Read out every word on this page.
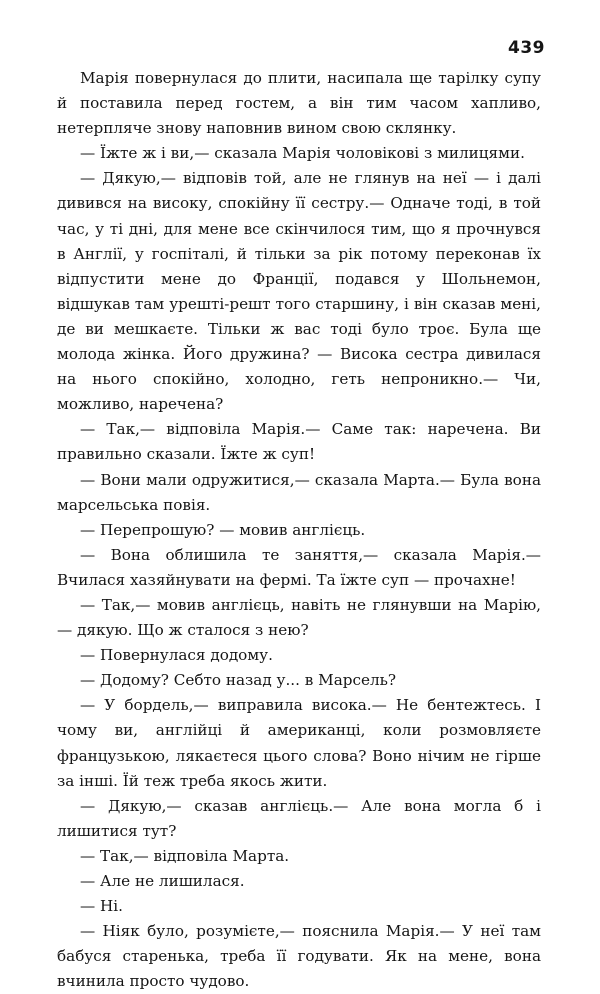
439

Марія повернулася до плити, насипала ще тарілку супу й поставила перед гостем, а він тим часом хапливо, нетерпляче знову наповнив вином свою склянку.

— Їжте ж і ви,— сказала Марія чоловікові з милицями.

— Дякую,— відповів той, але не глянув на неї — і далі дивився на високу, спокійну її сестру.— Одначе тоді, в той час, у ті дні, для мене все скінчилося тим, що я прочнувся в Англії, у госпіталі, й тільки за рік потому переконав їх відпустити мене до Франції, подався у Шольнемон, відшукав там урешті-решт того старшину, і він сказав мені, де ви мешкаєте. Тільки ж вас тоді було троє. Була ще молода жінка. Його дружина? — Висока сестра дивилася на нього спокійно, холодно, геть непроникно.— Чи, можливо, наречена?

— Так,— відповіла Марія.— Саме так: наречена. Ви правильно сказали. Їжте ж суп!

— Вони мали одружитися,— сказала Марта.— Була вона марсельська повія.

— Перепрошую? — мовив англієць.

— Вона облишила те заняття,— сказала Марія.— Вчилася хазяйнувати на фермі. Та їжте суп — прочахне!

— Так,— мовив англієць, навіть не глянувши на Марію,— дякую. Що ж сталося з нею?

— Повернулася додому.

— Додому? Себто назад у... в Марсель?

— У бордель,— виправила висока.— Не бентежтесь. І чому ви, англійці й американці, коли розмовляєте французькою, лякаєтеся цього слова? Воно нічим не гірше за інші. Їй теж треба якось жити.

— Дякую,— сказав англієць.— Але вона могла б і лишитися тут?

— Так,— відповіла Марта.

— Але не лишилася.

— Ні.

— Ніяк було, розумієте,— пояснила Марія.— У неї там бабуся старенька, треба її годувати. Як на мене, вона вчинила просто чудово.
